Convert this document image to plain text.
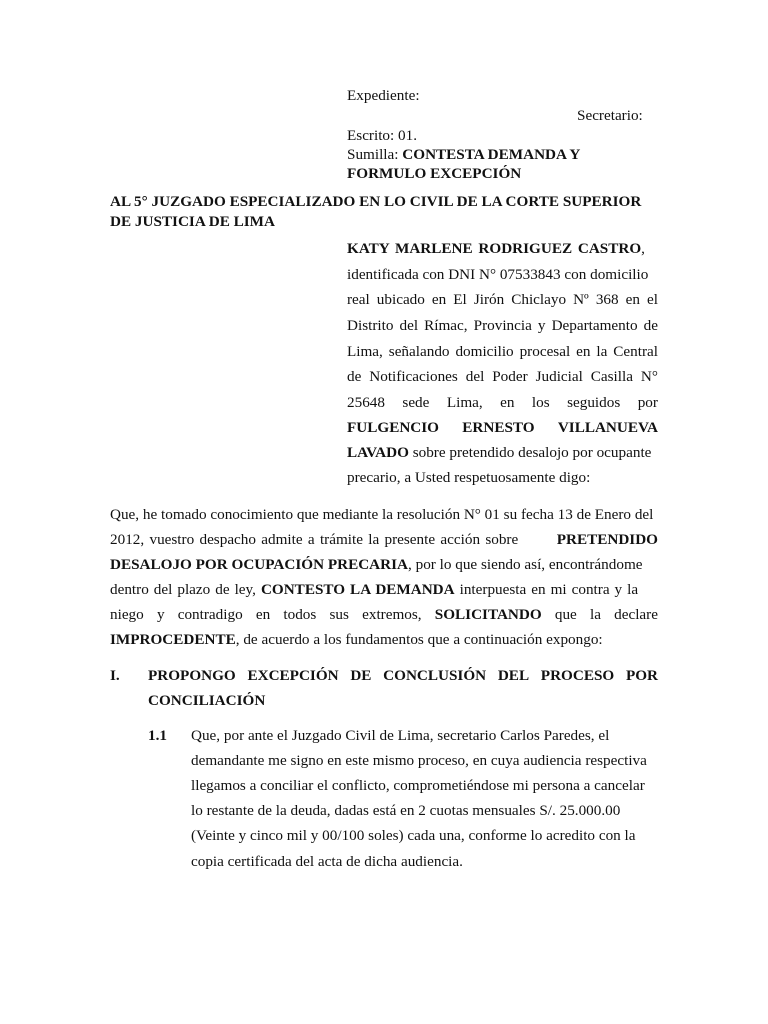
Expediente:
Secretario:
Escrito: 01.
Sumilla: CONTESTA DEMANDA Y
FORMULO EXCEPCIÓN
AL 5° JUZGADO ESPECIALIZADO EN LO CIVIL DE LA CORTE SUPERIOR
DE JUSTICIA DE LIMA
KATY MARLENE RODRIGUEZ CASTRO,
identificada con DNI N° 07533843 con domicilio
real ubicado en El Jirón Chiclayo Nº 368 en el
Distrito del Rímac, Provincia y Departamento de
Lima, señalando domicilio procesal en la Central
de Notificaciones del Poder Judicial Casilla N°
25648 sede Lima, en los seguidos por
FULGENCIO ERNESTO VILLANUEVA
LAVADO sobre pretendido desalojo por ocupante
precario, a Usted respetuosamente digo:
Que, he tomado conocimiento que mediante la resolución N° 01 su fecha 13 de Enero del
2012, vuestro despacho admite a trámite la presente acción sobre	PRETENDIDO
DESALOJO POR OCUPACIÓN PRECARIA, por lo que siendo así, encontrándome
dentro del plazo de ley, CONTESTO LA DEMANDA interpuesta en mi contra y la
niego y contradigo en todos sus extremos, SOLICITANDO que la declare
IMPROCEDENTE, de acuerdo a los fundamentos que a continuación expongo:
I. PROPONGO EXCEPCIÓN DE CONCLUSIÓN DEL PROCESO POR
CONCILIACIÓN
1.1 Que, por ante el Juzgado Civil de Lima, secretario Carlos Paredes, el
demandante me signo en este mismo proceso, en cuya audiencia respectiva
llegamos a conciliar el conflicto, comprometiéndose mi persona a cancelar
lo restante de la deuda, dadas está en 2 cuotas mensuales S/. 25.000.00
(Veinte y cinco mil y 00/100 soles) cada una, conforme lo acredito con la
copia certificada del acta de dicha audiencia.
